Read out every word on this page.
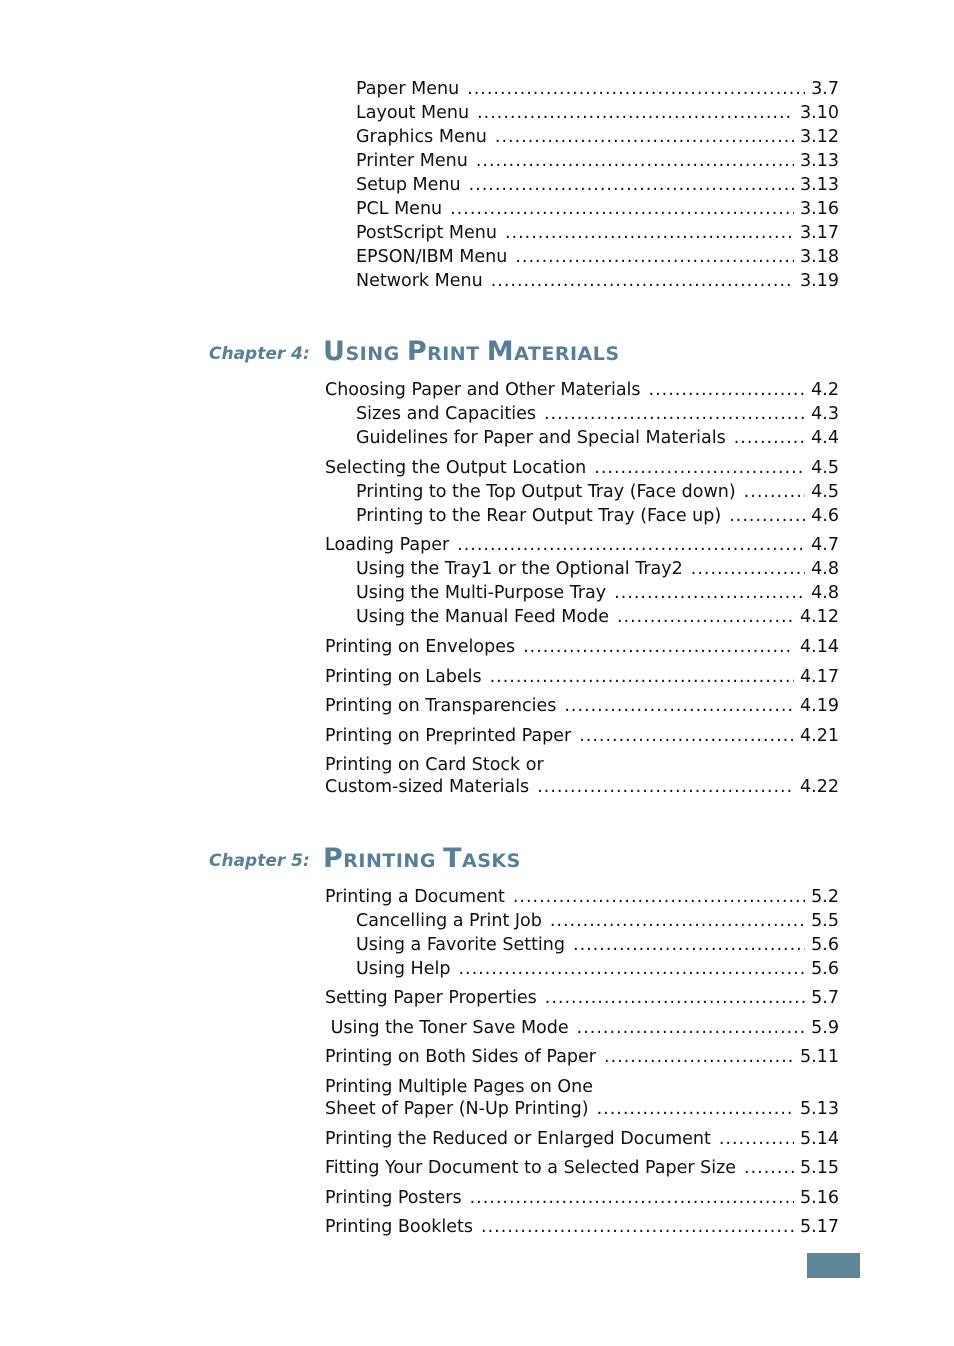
Paper Menu .....	3.7
Layout Menu .....	3.10
Graphics Menu .....	3.12
Printer Menu .....	3.13
Setup Menu .....	3.13
PCL Menu .....	3.16
PostScript Menu .....	3.17
EPSON/IBM Menu .....	3.18
Network Menu .....	3.19
Chapter 4: USING PRINT MATERIALS
Choosing Paper and Other Materials .....	4.2
Sizes and Capacities .....	4.3
Guidelines for Paper and Special Materials .....	4.4
Selecting the Output Location .....	4.5
Printing to the Top Output Tray (Face down) .....	4.5
Printing to the Rear Output Tray (Face up) .....	4.6
Loading Paper .....	4.7
Using the Tray1 or the Optional Tray2 .....	4.8
Using the Multi-Purpose Tray .....	4.8
Using the Manual Feed Mode .....	4.12
Printing on Envelopes .....	4.14
Printing on Labels .....	4.17
Printing on Transparencies .....	4.19
Printing on Preprinted Paper .....	4.21
Printing on Card Stock or
Custom-sized Materials .....	4.22
Chapter 5: PRINTING TASKS
Printing a Document .....	5.2
Cancelling a Print Job .....	5.5
Using a Favorite Setting .....	5.6
Using Help .....	5.6
Setting Paper Properties .....	5.7
Using the Toner Save Mode .....	5.9
Printing on Both Sides of Paper .....	5.11
Printing Multiple Pages on One
Sheet of Paper (N-Up Printing) .....	5.13
Printing the Reduced or Enlarged Document .....	5.14
Fitting Your Document to a Selected Paper Size .....	5.15
Printing Posters .....	5.16
Printing Booklets .....	5.17
